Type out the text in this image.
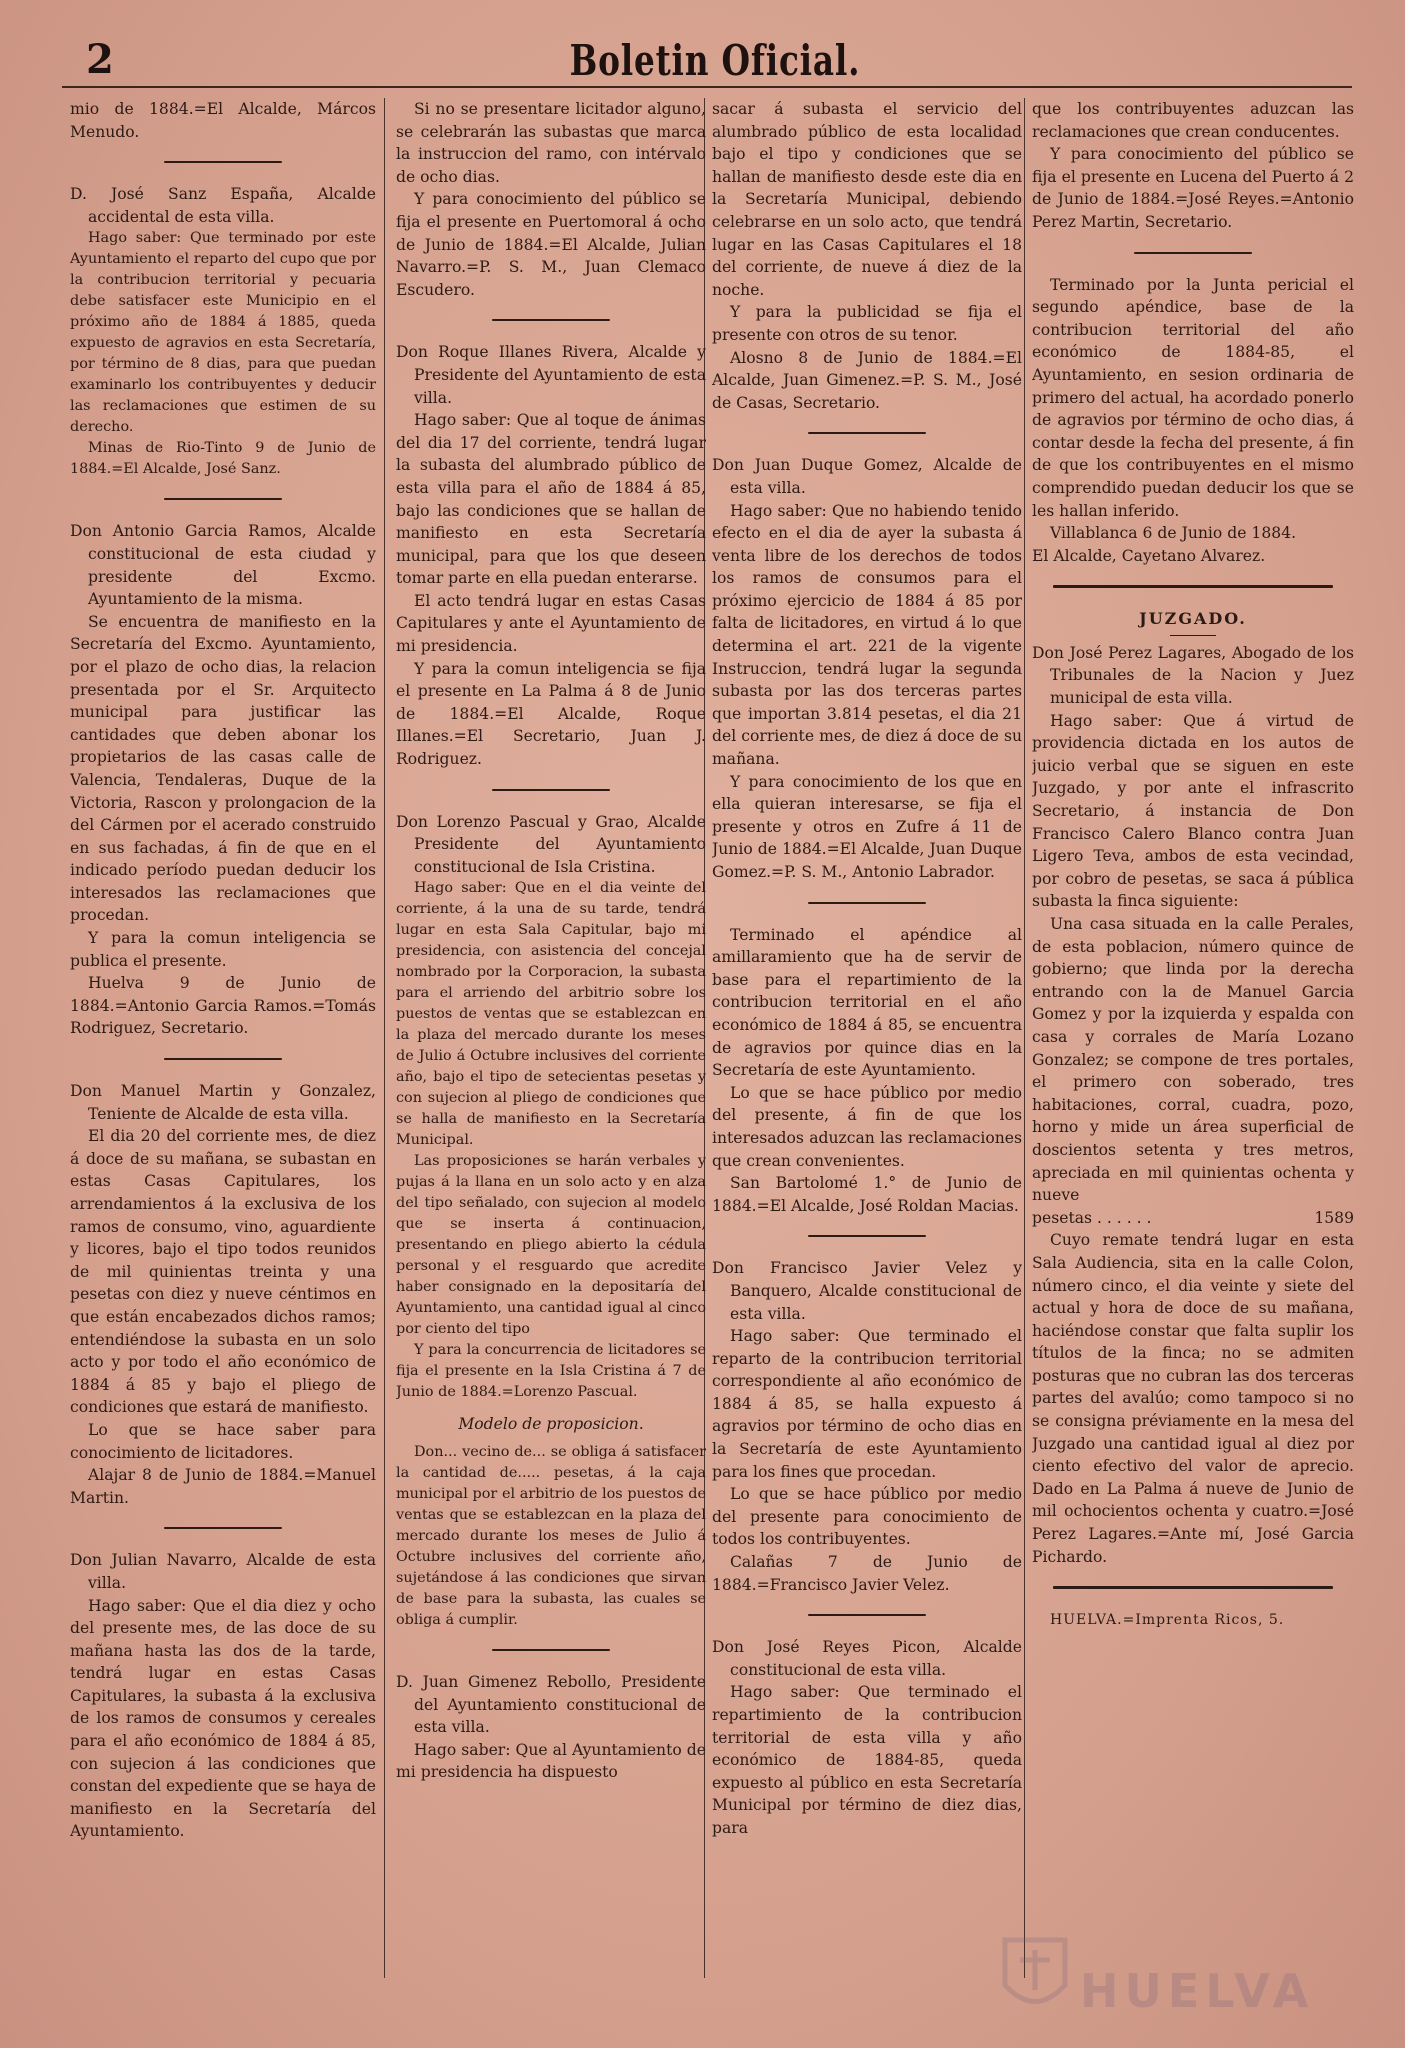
2	Boletin Oficial.

mio de 1884.=El Alcalde, Márcos Menudo.

D. José Sanz España, Alcalde accidental de esta villa.

Hago saber: Que terminado por este Ayuntamiento el reparto del cupo que por la contribucion territorial y pecuaria debe satisfacer este Municipio en el próximo año de 1884 á 1885, queda expuesto de agravios en esta Secretaría, por término de 8 dias, para que puedan examinarlo los contribuyentes y deducir las reclamaciones que estimen de su derecho.

Minas de Rio-Tinto 9 de Junio de 1884.=El Alcalde, José Sanz.

Don Antonio Garcia Ramos, Alcalde constitucional de esta ciudad y presidente del Excmo. Ayuntamiento de la misma.

Se encuentra de manifiesto en la Secretaría del Excmo. Ayuntamiento, por el plazo de ocho dias, la relacion presentada por el Sr. Arquitecto municipal para justificar las cantidades que deben abonar los propietarios de las casas calle de Valencia, Tendaleras, Duque de la Victoria, Rascon y prolongacion de la del Cármen por el acerado construido en sus fachadas, á fin de que en el indicado período puedan deducir los interesados las reclamaciones que procedan.

Y para la comun inteligencia se publica el presente.

Huelva 9 de Junio de 1884.=Antonio Garcia Ramos.=Tomás Rodriguez, Secretario.

Don Manuel Martin y Gonzalez, Teniente de Alcalde de esta villa.

El dia 20 del corriente mes, de diez á doce de su mañana, se subastan en estas Casas Capitulares, los arrendamientos á la exclusiva de los ramos de consumo, vino, aguardiente y licores, bajo el tipo todos reunidos de mil quinientas treinta y una pesetas con diez y nueve céntimos en que están encabezados dichos ramos; entendiéndose la subasta en un solo acto y por todo el año económico de 1884 á 85 y bajo el pliego de condiciones que estará de manifiesto.

Lo que se hace saber para conocimiento de licitadores.

Alajar 8 de Junio de 1884.=Manuel Martin.

Don Julian Navarro, Alcalde de esta villa.

Hago saber: Que el dia diez y ocho del presente mes, de las doce de su mañana hasta las dos de la tarde, tendrá lugar en estas Casas Capitulares, la subasta á la exclusiva de los ramos de consumos y cereales para el año económico de 1884 á 85, con sujecion á las condiciones que constan del expediente que se haya de manifiesto en la Secretaría del Ayuntamiento.

Si no se presentare licitador alguno, se celebrarán las subastas que marca la instruccion del ramo, con intérvalo de ocho dias.

Y para conocimiento del público se fija el presente en Puertomoral á ocho de Junio de 1884.=El Alcalde, Julian Navarro.=P. S. M., Juan Clemaco Escudero.

Don Roque Illanes Rivera, Alcalde y Presidente del Ayuntamiento de esta villa.

Hago saber: Que al toque de ánimas del dia 17 del corriente, tendrá lugar la subasta del alumbrado público de esta villa para el año de 1884 á 85, bajo las condiciones que se hallan de manifiesto en esta Secretaría municipal, para que los que deseen tomar parte en ella puedan enterarse.

El acto tendrá lugar en estas Casas Capitulares y ante el Ayuntamiento de mi presidencia.

Y para la comun inteligencia se fija el presente en La Palma á 8 de Junio de 1884.=El Alcalde, Roque Illanes.=El Secretario, Juan J. Rodriguez.

Don Lorenzo Pascual y Grao, Alcalde Presidente del Ayuntamiento constitucional de Isla Cristina.

Hago saber: Que en el dia veinte del corriente, á la una de su tarde, tendrá lugar en esta Sala Capitular, bajo mi presidencia, con asistencia del concejal nombrado por la Corporacion, la subasta para el arriendo del arbitrio sobre los puestos de ventas que se establezcan en la plaza del mercado durante los meses de Julio á Octubre inclusives del corriente año, bajo el tipo de setecientas pesetas y con sujecion al pliego de condiciones que se halla de manifiesto en la Secretaría Municipal.

Las proposiciones se harán verbales y pujas á la llana en un solo acto y en alza del tipo señalado, con sujecion al modelo que se inserta á continuacion, presentando en pliego abierto la cédula personal y el resguardo que acredite haber consignado en la depositaría del Ayuntamiento, una cantidad igual al cinco por ciento del tipo

Y para la concurrencia de licitadores se fija el presente en la Isla Cristina á 7 de Junio de 1884.=Lorenzo Pascual.

Modelo de proposicion.

Don... vecino de... se obliga á satisfacer la cantidad de..... pesetas, á la caja municipal por el arbitrio de los puestos de ventas que se establezcan en la plaza del mercado durante los meses de Julio á Octubre inclusives del corriente año, sujetándose á las condiciones que sirvan de base para la subasta, las cuales se obliga á cumplir.

D. Juan Gimenez Rebollo, Presidente del Ayuntamiento constitucional de esta villa.

Hago saber: Que al Ayuntamiento de mi presidencia ha dispuesto

sacar á subasta el servicio del alumbrado público de esta localidad bajo el tipo y condiciones que se hallan de manifiesto desde este dia en la Secretaría Municipal, debiendo celebrarse en un solo acto, que tendrá lugar en las Casas Capitulares el 18 del corriente, de nueve á diez de la noche.

Y para la publicidad se fija el presente con otros de su tenor.

Alosno 8 de Junio de 1884.=El Alcalde, Juan Gimenez.=P. S. M., José de Casas, Secretario.

Don Juan Duque Gomez, Alcalde de esta villa.

Hago saber: Que no habiendo tenido efecto en el dia de ayer la subasta á venta libre de los derechos de todos los ramos de consumos para el próximo ejercicio de 1884 á 85 por falta de licitadores, en virtud á lo que determina el art. 221 de la vigente Instruccion, tendrá lugar la segunda subasta por las dos terceras partes que importan 3.814 pesetas, el dia 21 del corriente mes, de diez á doce de su mañana.

Y para conocimiento de los que en ella quieran interesarse, se fija el presente y otros en Zufre á 11 de Junio de 1884.=El Alcalde, Juan Duque Gomez.=P. S. M., Antonio Labrador.

Terminado el apéndice al amillaramiento que ha de servir de base para el repartimiento de la contribucion territorial en el año económico de 1884 á 85, se encuentra de agravios por quince dias en la Secretaría de este Ayuntamiento.

Lo que se hace público por medio del presente, á fin de que los interesados aduzcan las reclamaciones que crean convenientes.

San Bartolomé 1.° de Junio de 1884.=El Alcalde, José Roldan Macias.

Don Francisco Javier Velez y Banquero, Alcalde constitucional de esta villa.

Hago saber: Que terminado el reparto de la contribucion territorial correspondiente al año económico de 1884 á 85, se halla expuesto á agravios por término de ocho dias en la Secretaría de este Ayuntamiento para los fines que procedan.

Lo que se hace público por medio del presente para conocimiento de todos los contribuyentes.

Calañas 7 de Junio de 1884.=Francisco Javier Velez.

Don José Reyes Picon, Alcalde constitucional de esta villa.

Hago saber: Que terminado el repartimiento de la contribucion territorial de esta villa y año económico de 1884-85, queda expuesto al público en esta Secretaría Municipal por término de diez dias, para

que los contribuyentes aduzcan las reclamaciones que crean conducentes.

Y para conocimiento del público se fija el presente en Lucena del Puerto á 2 de Junio de 1884.=José Reyes.=Antonio Perez Martin, Secretario.

Terminado por la Junta pericial el segundo apéndice, base de la contribucion territorial del año económico de 1884-85, el Ayuntamiento, en sesion ordinaria de primero del actual, ha acordado ponerlo de agravios por término de ocho dias, á contar desde la fecha del presente, á fin de que los contribuyentes en el mismo comprendido puedan deducir los que se les hallan inferido.

Villablanca 6 de Junio de 1884.

El Alcalde, Cayetano Alvarez.

JUZGADO.

Don José Perez Lagares, Abogado de los Tribunales de la Nacion y Juez municipal de esta villa.

Hago saber: Que á virtud de providencia dictada en los autos de juicio verbal que se siguen en este Juzgado, y por ante el infrascrito Secretario, á instancia de Don Francisco Calero Blanco contra Juan Ligero Teva, ambos de esta vecindad, por cobro de pesetas, se saca á pública subasta la finca siguiente:

Una casa situada en la calle Perales, de esta poblacion, número quince de gobierno; que linda por la derecha entrando con la de Manuel Garcia Gomez y por la izquierda y espalda con casa y corrales de María Lozano Gonzalez; se compone de tres portales, el primero con soberado, tres habitaciones, corral, cuadra, pozo, horno y mide un área superficial de doscientos setenta y tres metros, apreciada en mil quinientas ochenta y nueve

pesetas . . . . . .	1589

Cuyo remate tendrá lugar en esta Sala Audiencia, sita en la calle Colon, número cinco, el dia veinte y siete del actual y hora de doce de su mañana, haciéndose constar que falta suplir los títulos de la finca; no se admiten posturas que no cubran las dos terceras partes del avalúo; como tampoco si no se consigna préviamente en la mesa del Juzgado una cantidad igual al diez por ciento efectivo del valor de aprecio. Dado en La Palma á nueve de Junio de mil ochocientos ochenta y cuatro.=José Perez Lagares.=Ante mí, José Garcia Pichardo.

HUELVA.=Imprenta Ricos, 5.
HUELVA
